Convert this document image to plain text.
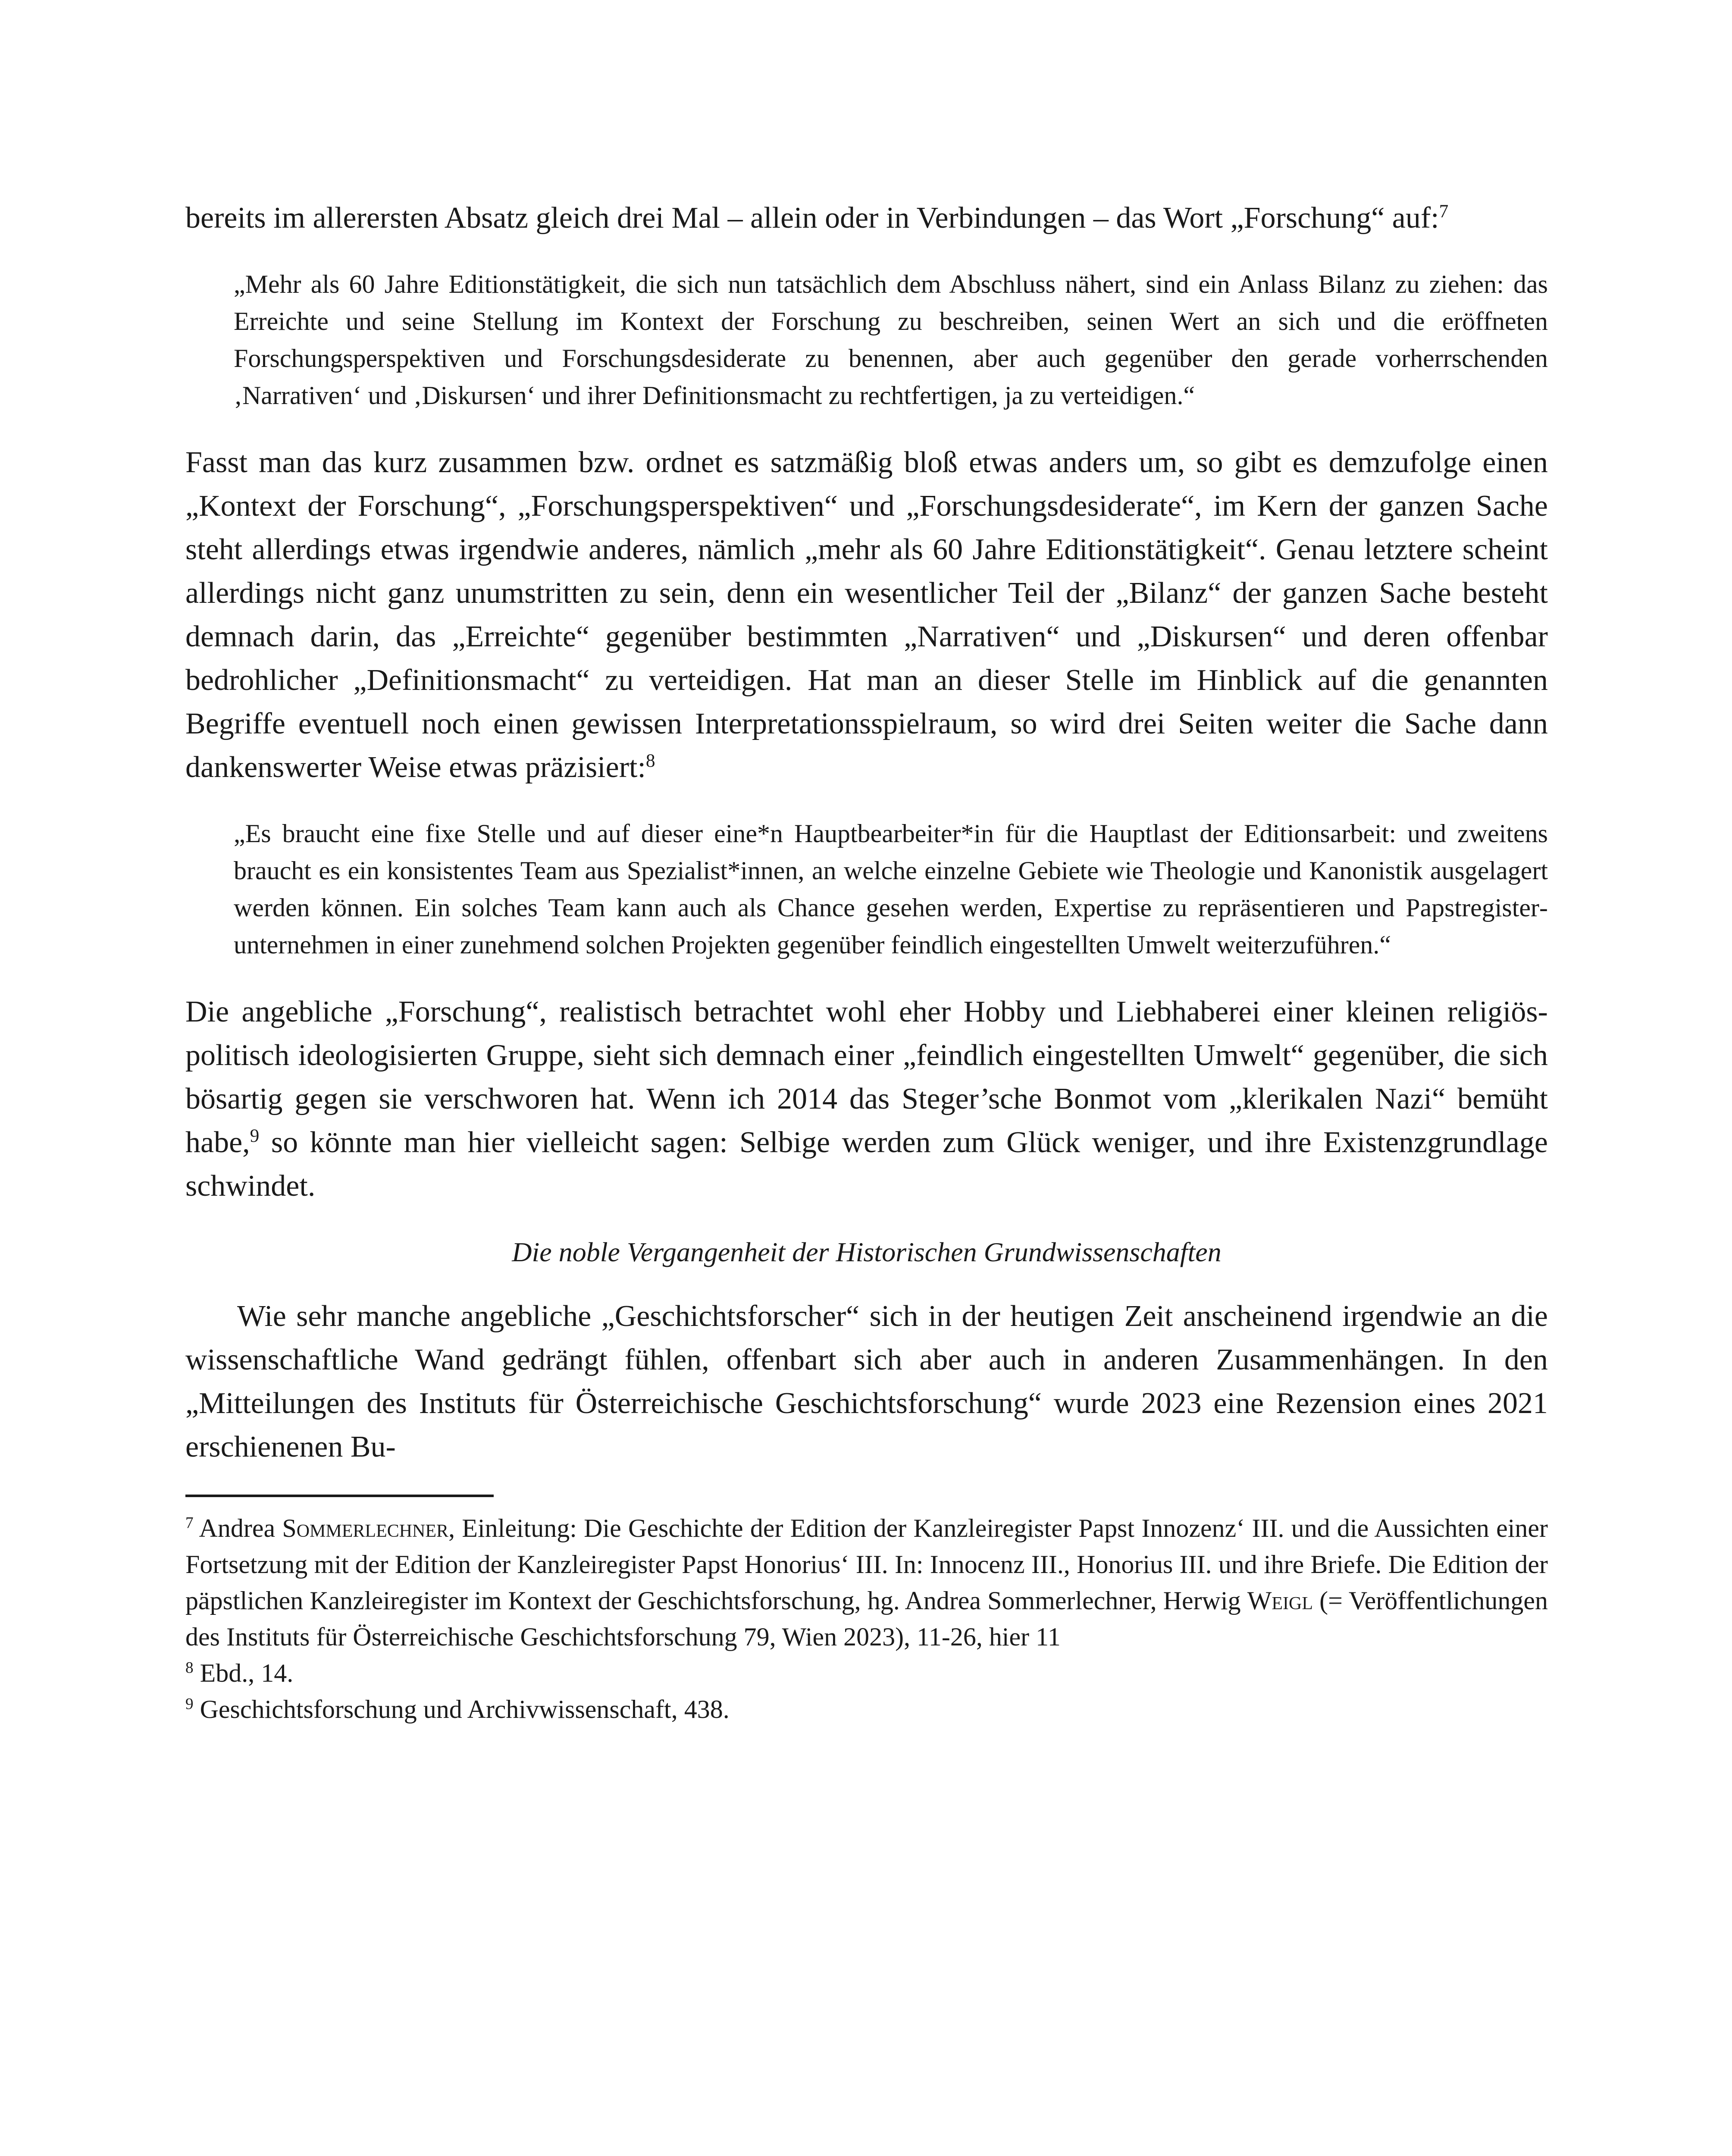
bereits im allerersten Absatz gleich drei Mal – allein oder in Verbindungen – das Wort „Forschung“ auf:$^7$

„Mehr als 60 Jahre Editionstätigkeit, die sich nun tatsächlich dem Abschluss nähert, sind ein Anlass Bilanz zu ziehen: das Erreichte und seine Stellung im Kontext der Forschung zu beschreiben, seinen Wert an sich und die eröffneten Forschungsperspektiven und Forschungsdesiderate zu benennen, aber auch gegenüber den gerade vorherrschenden ‚Narrativen‘ und ‚Diskursen‘ und ihrer Definitionsmacht zu rechtfertigen, ja zu verteidigen.“

Fasst man das kurz zusammen bzw. ordnet es satzmäßig bloß etwas anders um, so gibt es demzufolge einen „Kontext der Forschung“, „Forschungsperspektiven“ und „Forschungsdesiderate“, im Kern der ganzen Sache steht allerdings etwas irgendwie anderes, nämlich „mehr als 60 Jahre Editionstätigkeit“. Genau letztere scheint allerdings nicht ganz unumstritten zu sein, denn ein wesentlicher Teil der „Bilanz“ der ganzen Sache besteht demnach darin, das „Erreichte“ gegenüber bestimmten „Narrativen“ und „Diskursen“ und deren offenbar bedrohlicher „Definitionsmacht“ zu verteidigen. Hat man an dieser Stelle im Hinblick auf die genannten Begriffe eventuell noch einen gewissen Interpretationsspielraum, so wird drei Seiten weiter die Sache dann dankenswerter Weise etwas präzisiert:$^8$

„Es braucht eine fixe Stelle und auf dieser eine*n Hauptbearbeiter*in für die Hauptlast der Editionsarbeit: und zweitens braucht es ein konsistentes Team aus Spezialist*innen, an welche einzelne Gebiete wie Theologie und Kanonistik ausgelagert werden können. Ein solches Team kann auch als Chance gesehen werden, Expertise zu repräsentieren und Papstregisterunternehmen in einer zunehmend solchen Projekten gegenüber feindlich eingestellten Umwelt weiterzuführen.“

Die angebliche „Forschung“, realistisch betrachtet wohl eher Hobby und Liebhaberei einer kleinen religiös-politisch ideologisierten Gruppe, sieht sich demnach einer „feindlich eingestellten Umwelt“ gegenüber, die sich bösartig gegen sie verschworen hat. Wenn ich 2014 das Steger’sche Bonmot vom „klerikalen Nazi“ bemüht habe,$^9$ so könnte man hier vielleicht sagen: Selbige werden zum Glück weniger, und ihre Existenzgrundlage schwindet.

Die noble Vergangenheit der Historischen Grundwissenschaften

Wie sehr manche angebliche „Geschichtsforscher“ sich in der heutigen Zeit anscheinend irgendwie an die wissenschaftliche Wand gedrängt fühlen, offenbart sich aber auch in anderen Zusammenhängen. In den „Mitteilungen des Instituts für Österreichische Geschichtsforschung“ wurde 2023 eine Rezension eines 2021 erschienenen Bu-

$^7$ Andrea Sommerlechner, Einleitung: Die Geschichte der Edition der Kanzleiregister Papst Innozenz‘ III. und die Aussichten einer Fortsetzung mit der Edition der Kanzleiregister Papst Honorius‘ III. In: Innocenz III., Honorius III. und ihre Briefe. Die Edition der päpstlichen Kanzleiregister im Kontext der Geschichtsforschung, hg. Andrea Sommerlechner, Herwig Weigl (= Veröffentlichungen des Instituts für Österreichische Geschichtsforschung 79, Wien 2023), 11-26, hier 11

$^8$ Ebd., 14.

$^9$ Geschichtsforschung und Archivwissenschaft, 438.
